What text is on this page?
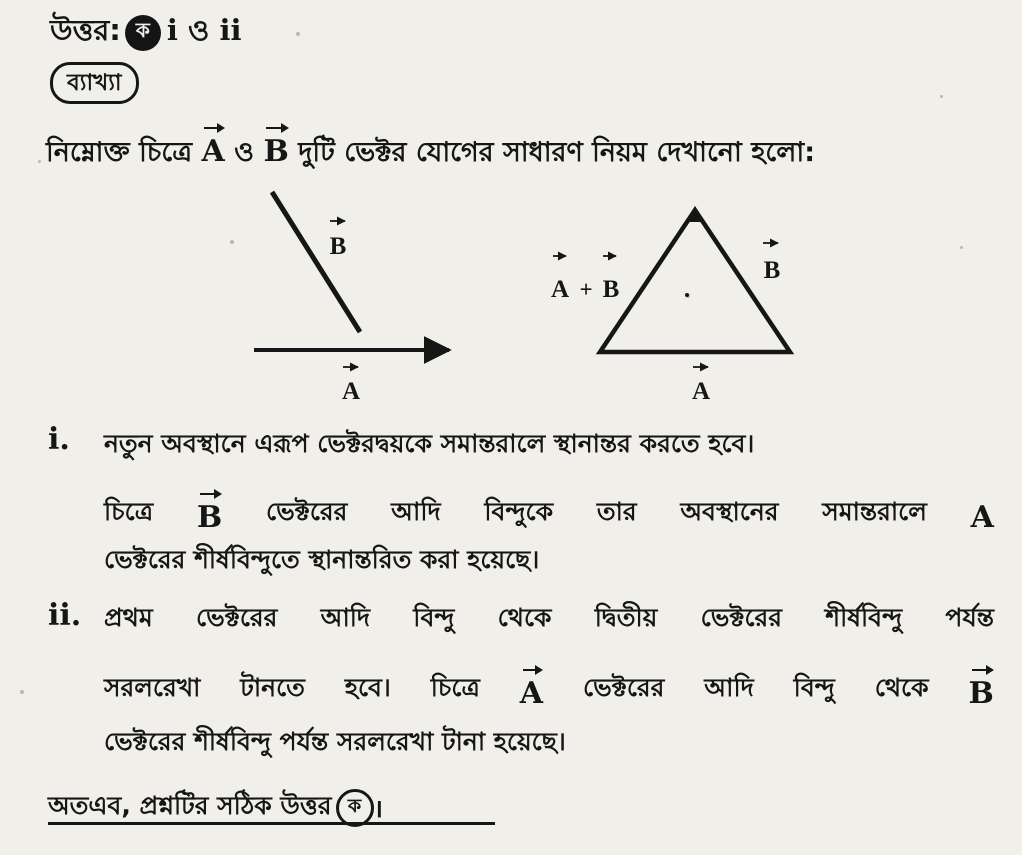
উত্তর: ক i ও ii
ব্যাখ্যা
নিম্নোক্ত চিত্রে A ও B দুটি ভেক্টর যোগের সাধারণ নিয়ম দেখানো হলো:
B
A
A + B
B
A
i. নতুন অবস্থানে এরূপ ভেক্টরদ্বয়কে সমান্তরালে স্থানান্তর করতে হবে।
চিত্রে B ভেক্টরের আদি বিন্দুকে তার অবস্থানের সমান্তরালে A
ভেক্টরের শীর্ষবিন্দুতে স্থানান্তরিত করা হয়েছে।
ii. প্রথম ভেক্টরের আদি বিন্দু থেকে দ্বিতীয় ভেক্টরের শীর্ষবিন্দু পর্যন্ত
সরলরেখা টানতে হবে। চিত্রে A ভেক্টরের আদি বিন্দু থেকে B
ভেক্টরের শীর্ষবিন্দু পর্যন্ত সরলরেখা টানা হয়েছে।
অতএব, প্রশ্নটির সঠিক উত্তর ক ।
